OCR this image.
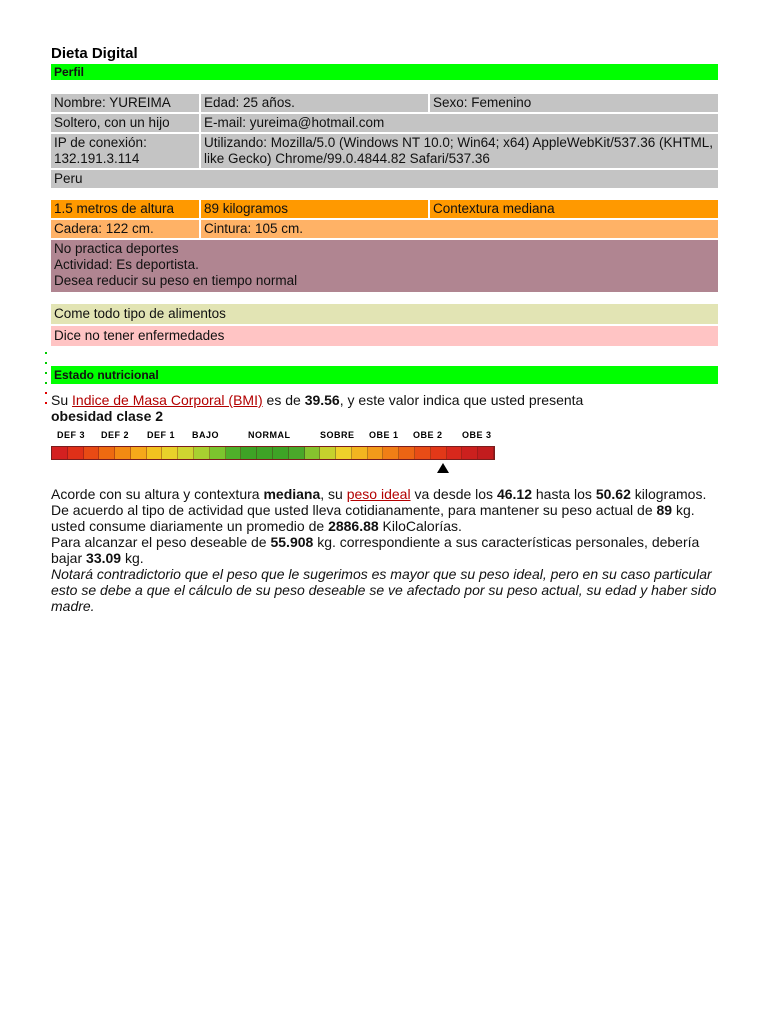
Dieta Digital
Perfil
Nombre: YUREIMA	Edad: 25 años.	Sexo: Femenino
Soltero, con un hijo	E-mail: yureima@hotmail.com	
IP de conexión: 132.191.3.114	Utilizando: Mozilla/5.0 (Windows NT 10.0; Win64; x64) AppleWebKit/537.36 (KHTML, like Gecko) Chrome/99.0.4844.82 Safari/537.36	
Peru		
1.5 metros de altura	89 kilogramos	Contextura mediana
Cadera: 122 cm.	Cintura: 105 cm.	

No practica deportes
Actividad: Es deportista.
Desea reducir su peso en tiempo normal		
Come todo tipo de alimentos
Dice no tener enfermedades
Estado nutricional
Su Indice de Masa Corporal (BMI) es de 39.56, y este valor indica que usted presenta
obesidad clase 2
DEF 3 DEF 2 DEF 1 BAJO	NORMAL	SOBRE OBE 1 OBE 2 OBE 3

Acorde con su altura y contextura mediana, su peso ideal va desde los 46.12 hasta los 50.62 kilogramos.

De acuerdo al tipo de actividad que usted lleva cotidianamente, para mantener su peso actual de 89 kg. usted consume diariamente un promedio de 2886.88 KiloCalorías.

Para alcanzar el peso deseable de 55.908 kg. correspondiente a sus características personales, debería bajar 33.09 kg.

Notará contradictorio que el peso que le sugerimos es mayor que su peso ideal, pero en su caso particular esto se debe a que el cálculo de su peso deseable se ve afectado por su peso actual, su edad y haber sido madre.
